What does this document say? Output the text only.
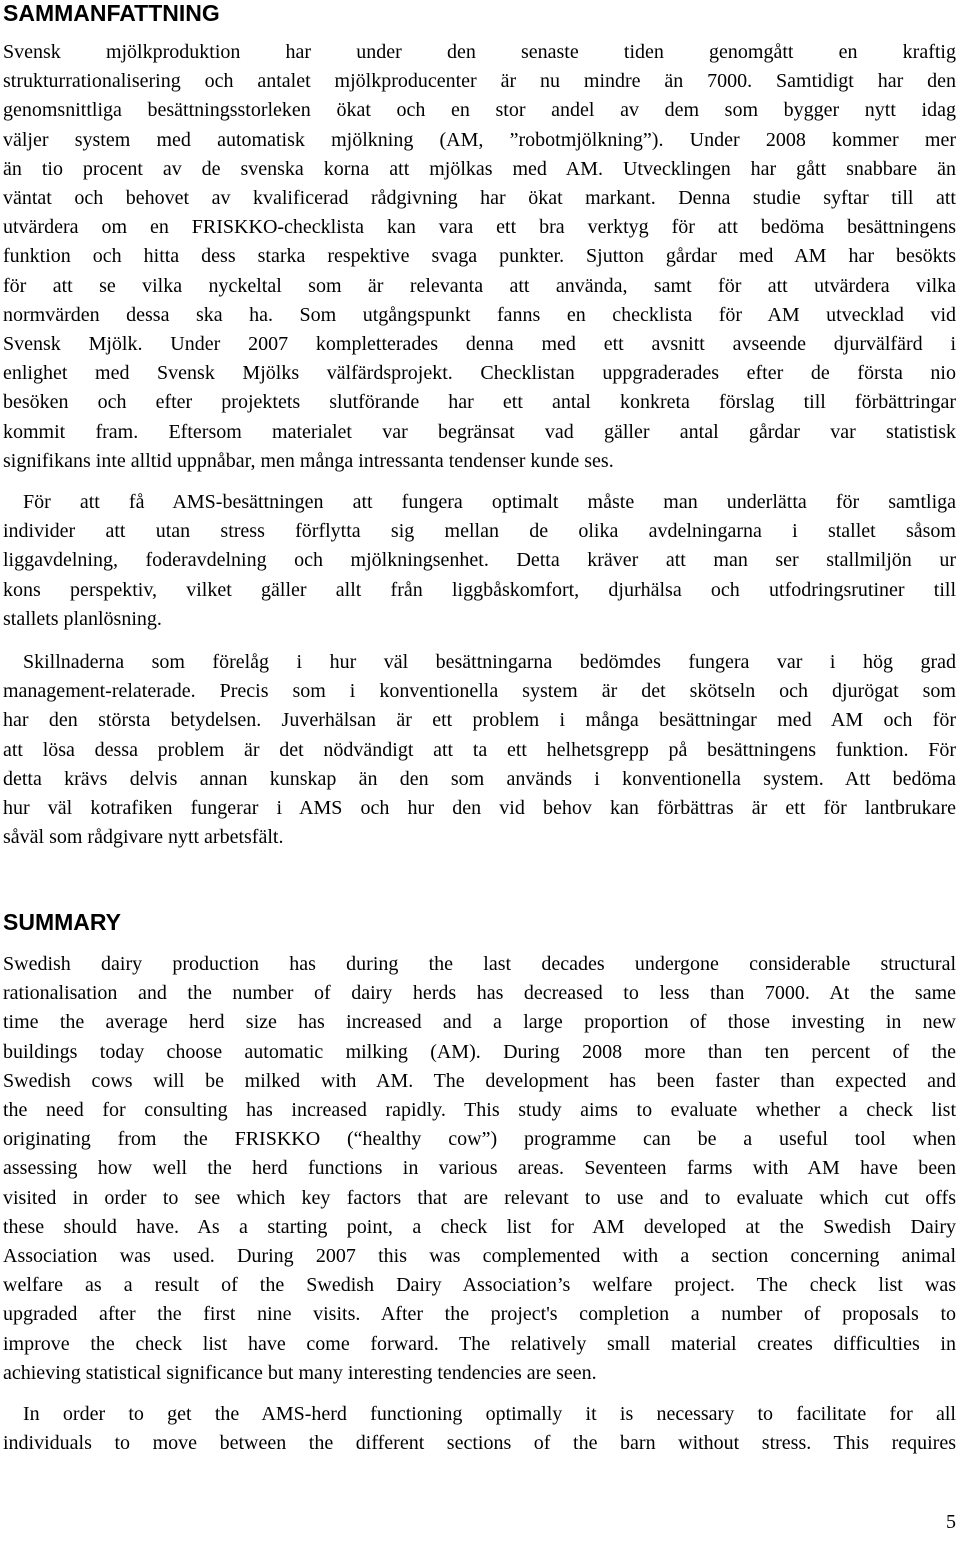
SAMMANFATTNING

Svensk mjölkproduktion har under den senaste tiden genomgått en kraftig
strukturrationalisering och antalet mjölkproducenter är nu mindre än 7000. Samtidigt har den
genomsnittliga besättningsstorleken ökat och en stor andel av dem som bygger nytt idag
väljer system med automatisk mjölkning (AM, ”robotmjölkning”). Under 2008 kommer mer
än tio procent av de svenska korna att mjölkas med AM. Utvecklingen har gått snabbare än
väntat och behovet av kvalificerad rådgivning har ökat markant. Denna studie syftar till att
utvärdera om en FRISKKO-checklista kan vara ett bra verktyg för att bedöma besättningens
funktion och hitta dess starka respektive svaga punkter. Sjutton gårdar med AM har besökts
för att se vilka nyckeltal som är relevanta att använda, samt för att utvärdera vilka
normvärden dessa ska ha. Som utgångspunkt fanns en checklista för AM utvecklad vid
Svensk Mjölk. Under 2007 kompletterades denna med ett avsnitt avseende djurvälfärd i
enlighet med Svensk Mjölks välfärdsprojekt. Checklistan uppgraderades efter de första nio
besöken och efter projektets slutförande har ett antal konkreta förslag till förbättringar
kommit fram. Eftersom materialet var begränsat vad gäller antal gårdar var statistisk
signifikans inte alltid uppnåbar, men många intressanta tendenser kunde ses.

För att få AMS-besättningen att fungera optimalt måste man underlätta för samtliga
individer att utan stress förflytta sig mellan de olika avdelningarna i stallet såsom
liggavdelning, foderavdelning och mjölkningsenhet. Detta kräver att man ser stallmiljön ur
kons perspektiv, vilket gäller allt från liggbåskomfort, djurhälsa och utfodringsrutiner till
stallets planlösning.

Skillnaderna som förelåg i hur väl besättningarna bedömdes fungera var i hög grad
management-relaterade. Precis som i konventionella system är det skötseln och djurögat som
har den största betydelsen. Juverhälsan är ett problem i många besättningar med AM och för
att lösa dessa problem är det nödvändigt att ta ett helhetsgrepp på besättningens funktion. För
detta krävs delvis annan kunskap än den som används i konventionella system. Att bedöma
hur väl kotrafiken fungerar i AMS och hur den vid behov kan förbättras är ett för lantbrukare
såväl som rådgivare nytt arbetsfält.

SUMMARY

Swedish dairy production has during the last decades undergone considerable structural
rationalisation and the number of dairy herds has decreased to less than 7000. At the same
time the average herd size has increased and a large proportion of those investing in new
buildings today choose automatic milking (AM). During 2008 more than ten percent of the
Swedish cows will be milked with AM. The development has been faster than expected and
the need for consulting has increased rapidly. This study aims to evaluate whether a check list
originating from the FRISKKO (“healthy cow”) programme can be a useful tool when
assessing how well the herd functions in various areas. Seventeen farms with AM have been
visited in order to see which key factors that are relevant to use and to evaluate which cut offs
these should have. As a starting point, a check list for AM developed at the Swedish Dairy
Association was used. During 2007 this was complemented with a section concerning animal
welfare as a result of the Swedish Dairy Association’s welfare project. The check list was
upgraded after the first nine visits. After the project's completion a number of proposals to
improve the check list have come forward. The relatively small material creates difficulties in
achieving statistical significance but many interesting tendencies are seen.

In order to get the AMS-herd functioning optimally it is necessary to facilitate for all
individuals to move between the different sections of the barn without stress. This requires

5
